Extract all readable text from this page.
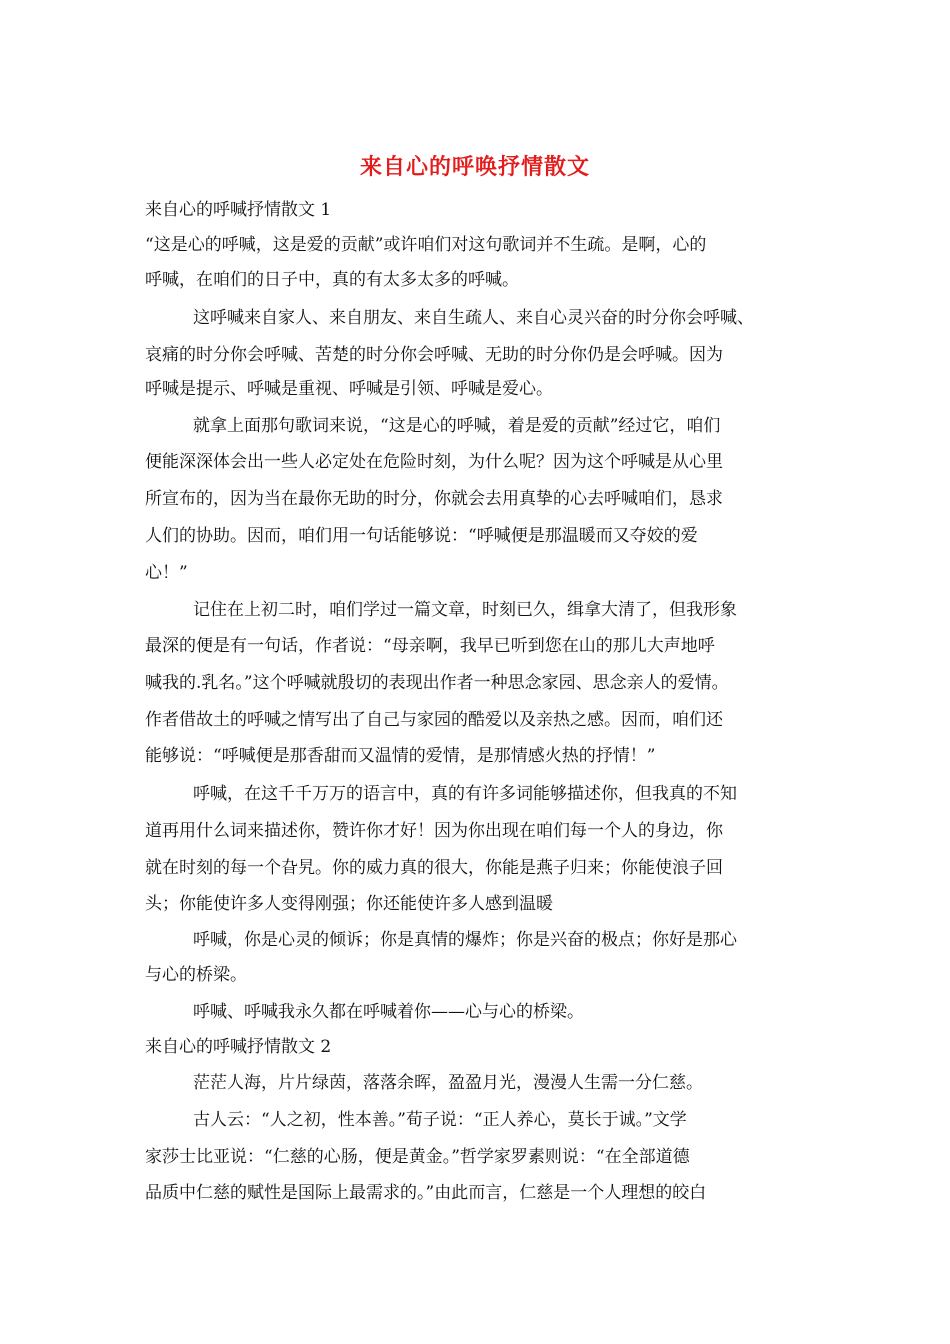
来自心的呼唤抒情散文
来自心的呼喊抒情散文 1
“这是心的呼喊，这是爱的贡献”或许咱们对这句歌词并不生疏。是啊，心的
呼喊，在咱们的日子中，真的有太多太多的呼喊。
这呼喊来自家人、来自朋友、来自生疏人、来自心灵兴奋的时分你会呼喊、
哀痛的时分你会呼喊、苦楚的时分你会呼喊、无助的时分你仍是会呼喊。因为
呼喊是提示、呼喊是重视、呼喊是引领、呼喊是爱心。
就拿上面那句歌词来说，“这是心的呼喊，着是爱的贡献”经过它，咱们
便能深深体会出一些人必定处在危险时刻，为什么呢？因为这个呼喊是从心里
所宣布的，因为当在最你无助的时分，你就会去用真挚的心去呼喊咱们，恳求
人们的协助。因而，咱们用一句话能够说：“呼喊便是那温暖而又夺姣的爱
心！”
记住在上初二时，咱们学过一篇文章，时刻已久，缉拿大清了，但我形象
最深的便是有一句话，作者说：“母亲啊，我早已听到您在山的那儿大声地呼
喊我的.乳名。”这个呼喊就殷切的表现出作者一种思念家园、思念亲人的爱情。
作者借故土的呼喊之情写出了自己与家园的酷爱以及亲热之感。因而，咱们还
能够说：“呼喊便是那香甜而又温情的爱情，是那情感火热的抒情！”
呼喊，在这千千万万的语言中，真的有许多词能够描述你，但我真的不知
道再用什么词来描述你，赞许你才好！因为你出现在咱们每一个人的身边，你
就在时刻的每一个旮旯。你的威力真的很大，你能是燕子归来；你能使浪子回
头；你能使许多人变得刚强；你还能使许多人感到温暖
呼喊，你是心灵的倾诉；你是真情的爆炸；你是兴奋的极点；你好是那心
与心的桥梁。
呼喊、呼喊我永久都在呼喊着你——心与心的桥梁。
来自心的呼喊抒情散文 2
茫茫人海，片片绿茵，落落余晖，盈盈月光，漫漫人生需一分仁慈。
古人云：“人之初，性本善。”荀子说：“正人养心，莫长于诚。”文学
家莎士比亚说：“仁慈的心肠，便是黄金。”哲学家罗素则说：“在全部道德
品质中仁慈的赋性是国际上最需求的。”由此而言，仁慈是一个人理想的皎白
